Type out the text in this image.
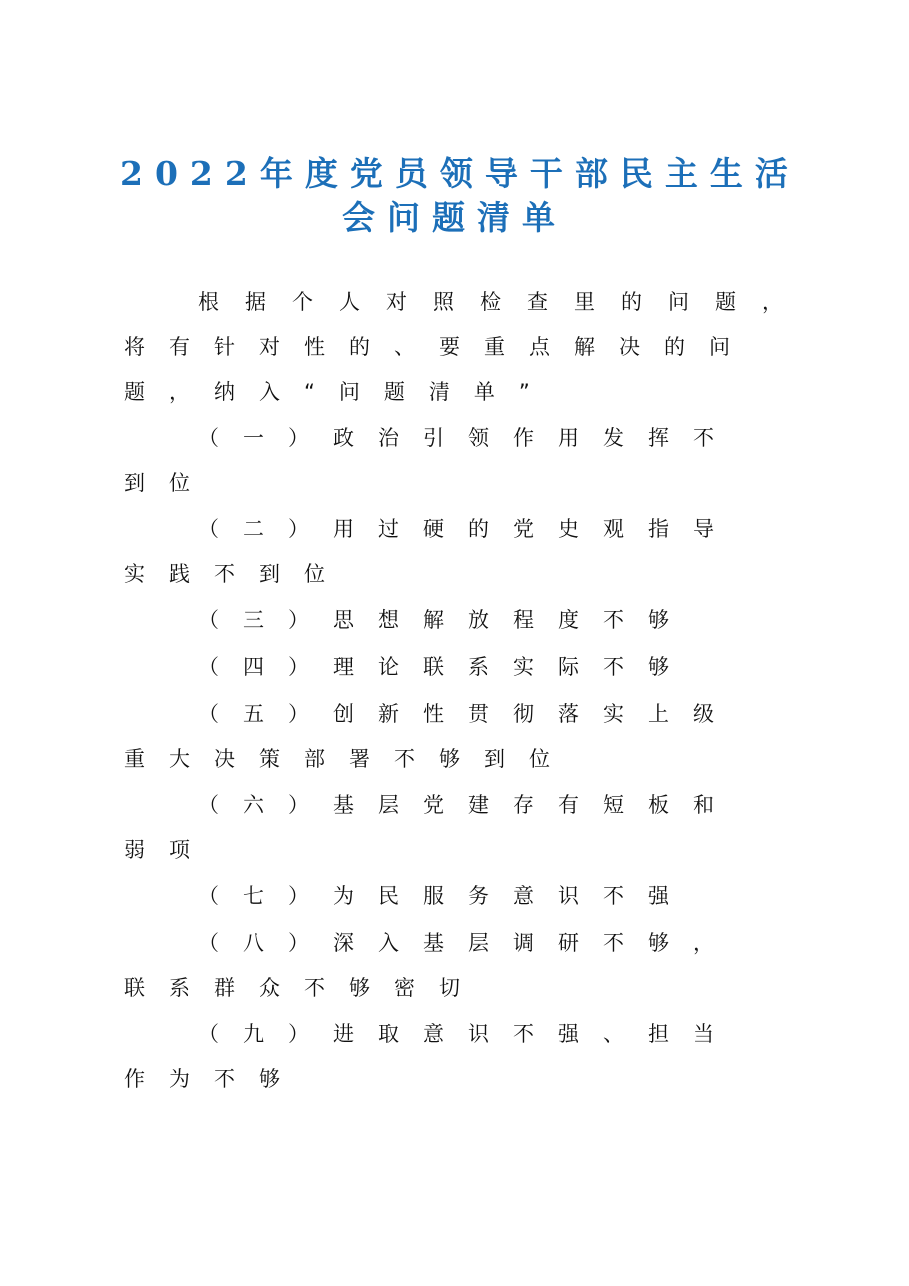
2022年度党员领导干部民主生活
会问题清单
根据个人对照检查里的问题，
将有针对性的、要重点解决的问
题，纳入“问题清单”
（一）政治引领作用发挥不
到位
（二）用过硬的党史观指导
实践不到位
（三）思想解放程度不够
（四）理论联系实际不够
（五）创新性贯彻落实上级
重大决策部署不够到位
（六）基层党建存有短板和
弱项
（七）为民服务意识不强
（八）深入基层调研不够，
联系群众不够密切
（九）进取意识不强、担当
作为不够
